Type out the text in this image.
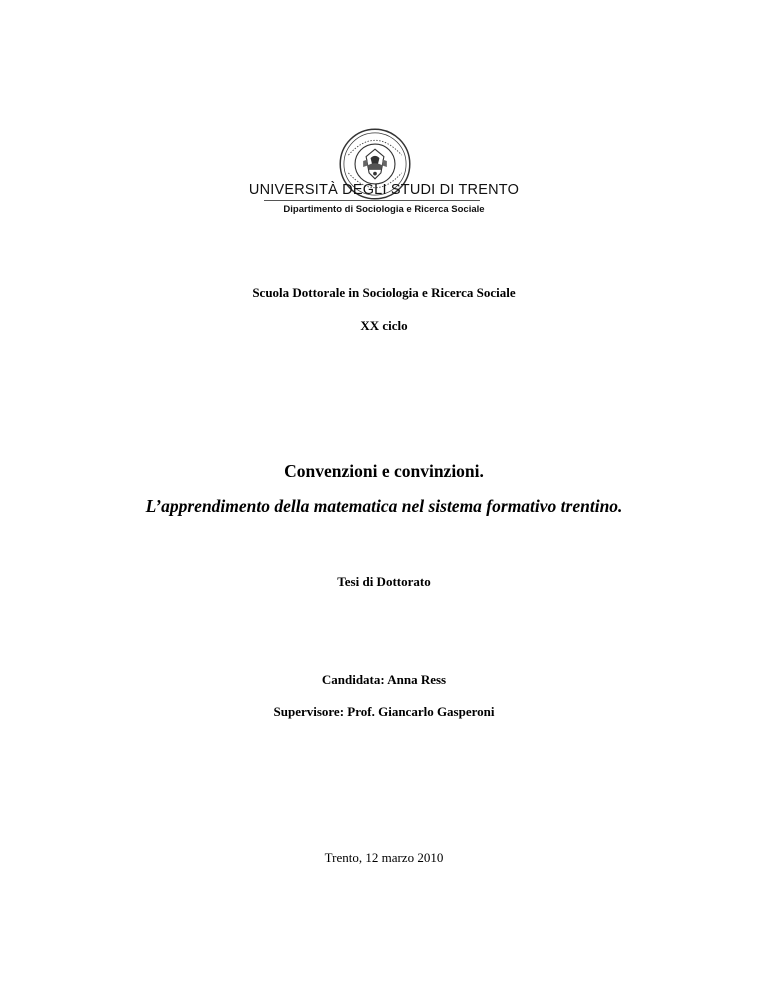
UNIVERSITÀ DEGLI STUDI DI TRENTO
Dipartimento di Sociologia e Ricerca Sociale
Scuola Dottorale in Sociologia e Ricerca Sociale
XX ciclo
Convenzioni e convinzioni.
L’apprendimento della matematica nel sistema formativo trentino.
Tesi di Dottorato
Candidata: Anna Ress
Supervisore: Prof. Giancarlo Gasperoni
Trento, 12 marzo 2010
